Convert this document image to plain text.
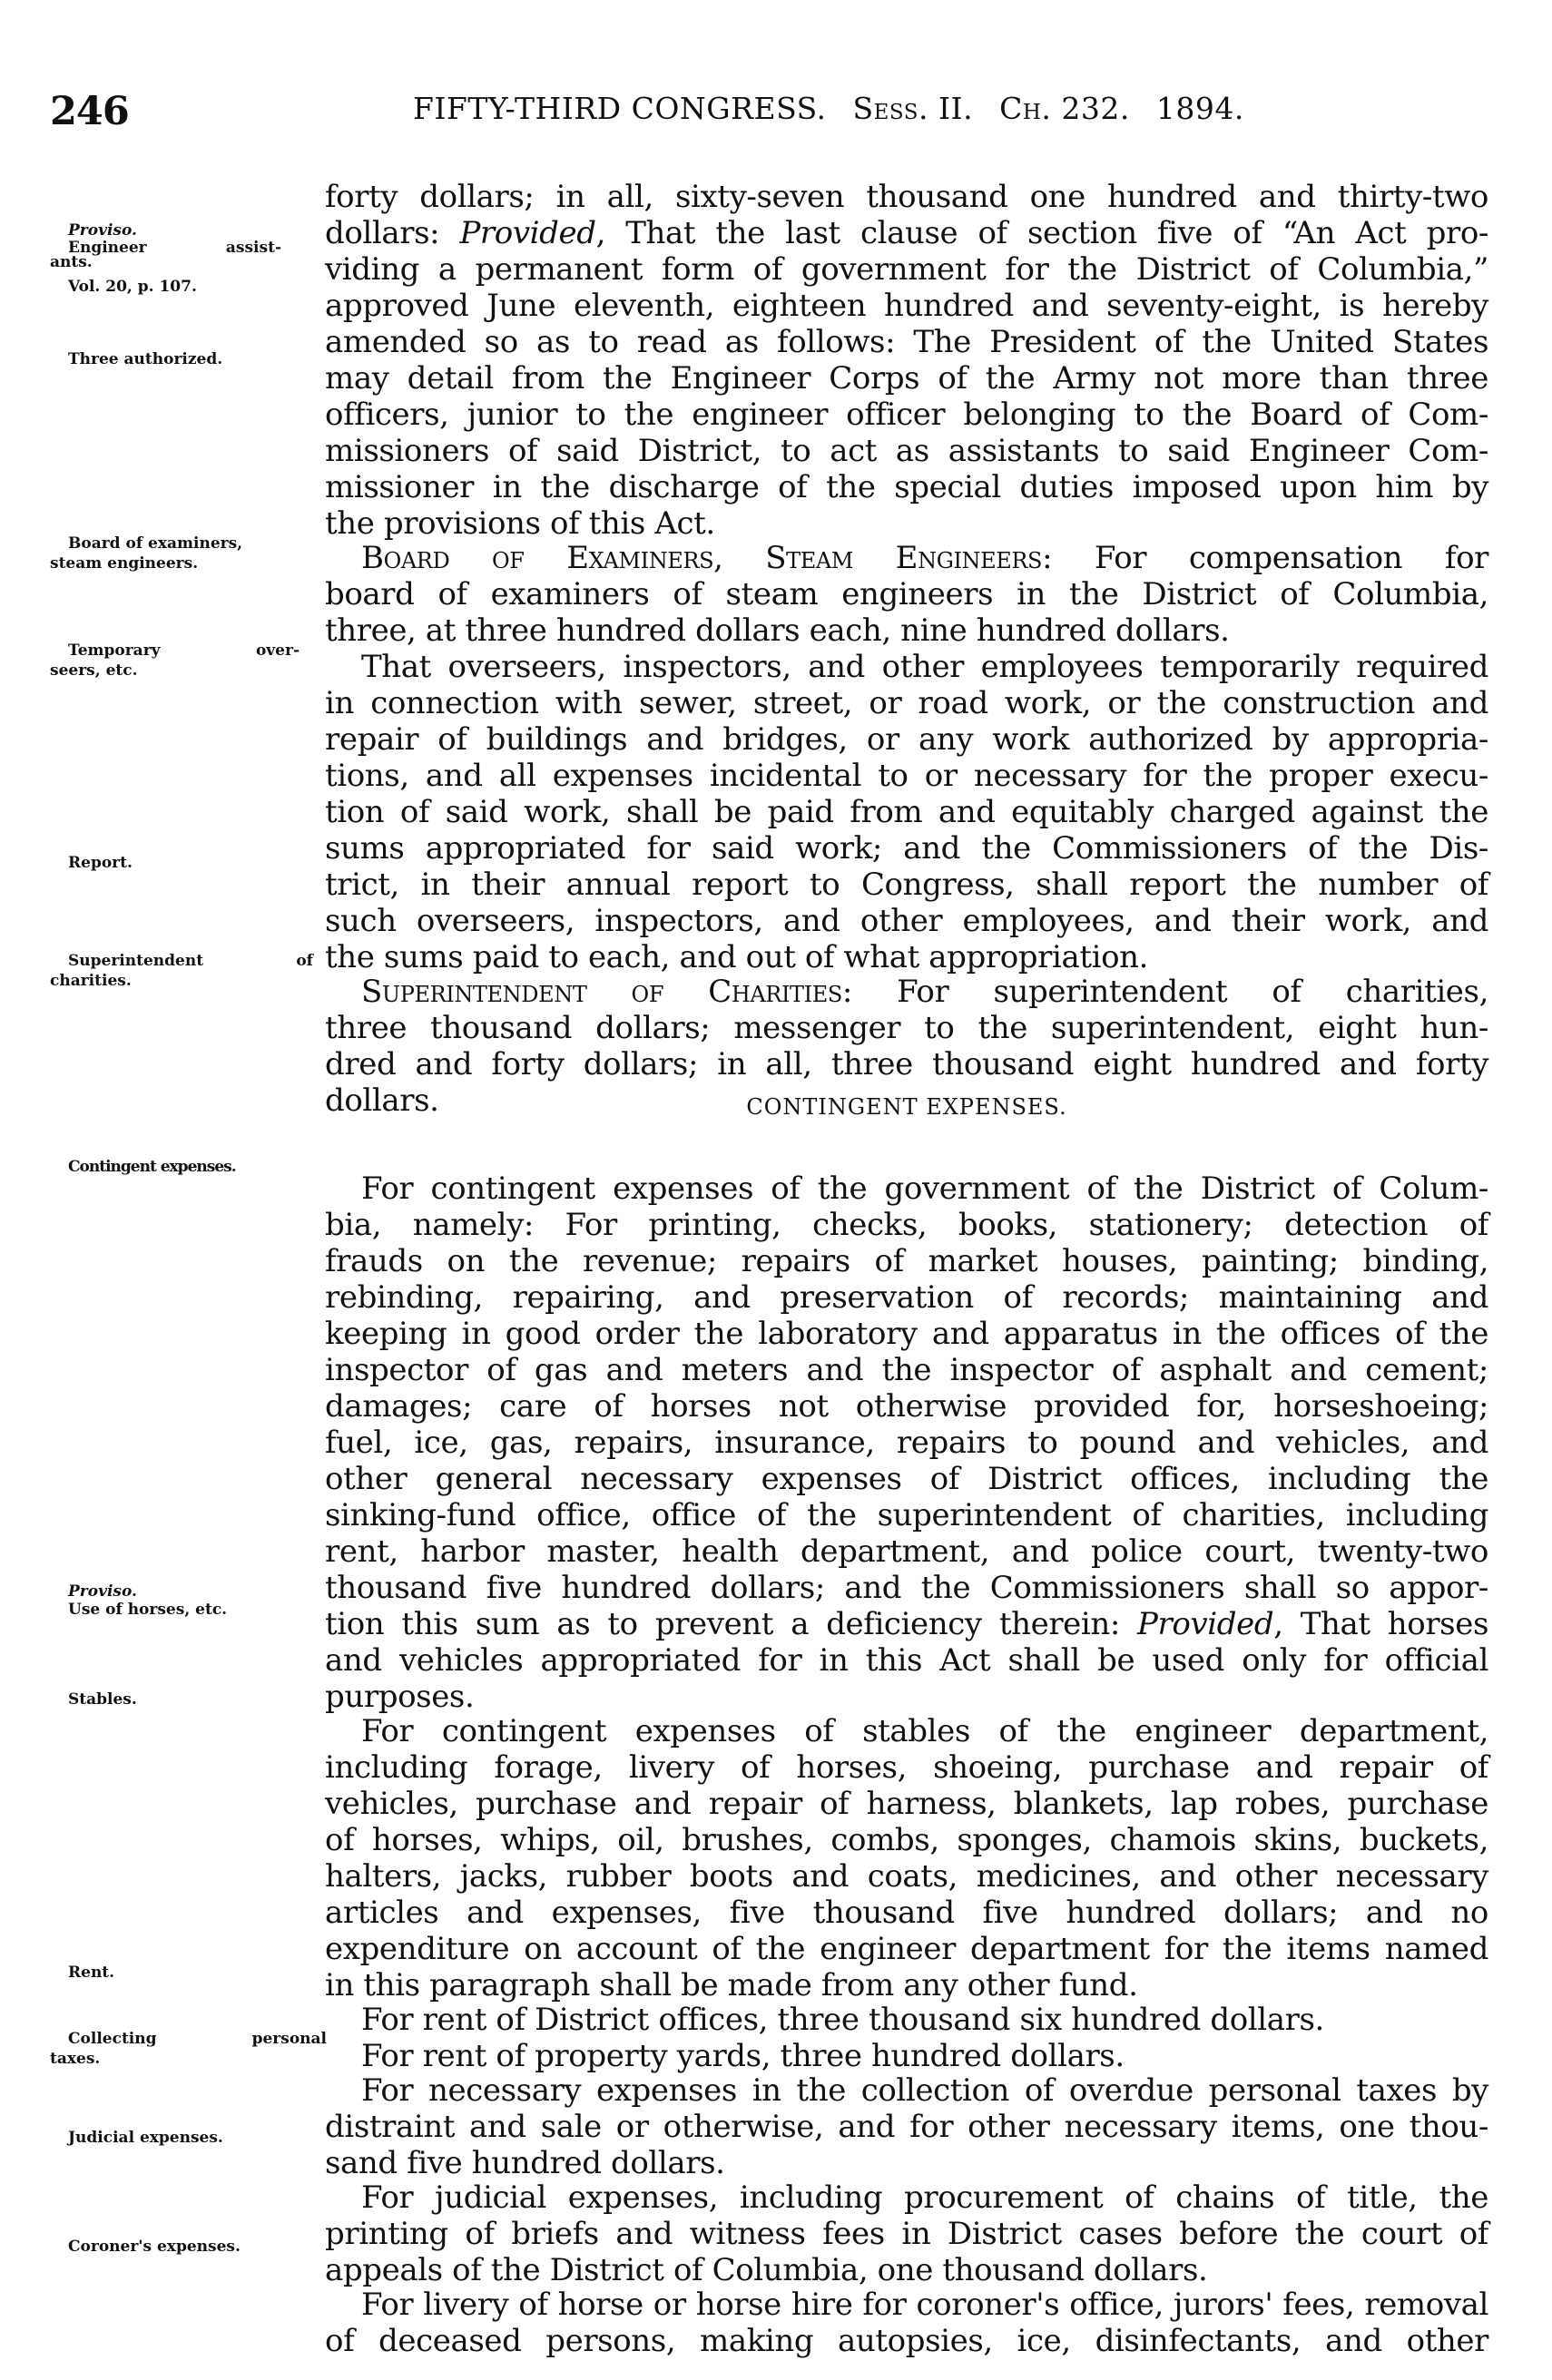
246	FIFTY-THIRD CONGRESS. Sess. II. Ch. 232. 1894.
Proviso.
Engineer assist-
ants.
Vol. 20, p. 107.
Three authorized.
Board of examiners,
steam engineers.
Temporary over-
seers, etc.
Report.
Superintendent of
charities.
Contingent expenses.
Proviso.
Use of horses, etc.
Stables.
Rent.
Collecting personal
taxes.
Judicial expenses.
Coroner's expenses.
CONTINGENT EXPENSES.
forty dollars; in all, sixty-seven thousand one hundred and thirty-two
dollars: Provided, That the last clause of section five of “An Act pro-
viding a permanent form of government for the District of Columbia,”
approved June eleventh, eighteen hundred and seventy-eight, is hereby
amended so as to read as follows: The President of the United States
may detail from the Engineer Corps of the Army not more than three
officers, junior to the engineer officer belonging to the Board of Com-
missioners of said District, to act as assistants to said Engineer Com-
missioner in the discharge of the special duties imposed upon him by
the provisions of this Act.
Board of Examiners, Steam Engineers: For compensation for
board of examiners of steam engineers in the District of Columbia,
three, at three hundred dollars each, nine hundred dollars.
That overseers, inspectors, and other employees temporarily required
in connection with sewer, street, or road work, or the construction and
repair of buildings and bridges, or any work authorized by appropria-
tions, and all expenses incidental to or necessary for the proper execu-
tion of said work, shall be paid from and equitably charged against the
sums appropriated for said work; and the Commissioners of the Dis-
trict, in their annual report to Congress, shall report the number of
such overseers, inspectors, and other employees, and their work, and
the sums paid to each, and out of what appropriation.
Superintendent of Charities: For superintendent of charities,
three thousand dollars; messenger to the superintendent, eight hun-
dred and forty dollars; in all, three thousand eight hundred and forty
dollars.
For contingent expenses of the government of the District of Colum-
bia, namely: For printing, checks, books, stationery; detection of
frauds on the revenue; repairs of market houses, painting; binding,
rebinding, repairing, and preservation of records; maintaining and
keeping in good order the laboratory and apparatus in the offices of the
inspector of gas and meters and the inspector of asphalt and cement;
damages; care of horses not otherwise provided for, horseshoeing;
fuel, ice, gas, repairs, insurance, repairs to pound and vehicles, and
other general necessary expenses of District offices, including the
sinking-fund office, office of the superintendent of charities, including
rent, harbor master, health department, and police court, twenty-two
thousand five hundred dollars; and the Commissioners shall so appor-
tion this sum as to prevent a deficiency therein: Provided, That horses
and vehicles appropriated for in this Act shall be used only for official
purposes.
For contingent expenses of stables of the engineer department,
including forage, livery of horses, shoeing, purchase and repair of
vehicles, purchase and repair of harness, blankets, lap robes, purchase
of horses, whips, oil, brushes, combs, sponges, chamois skins, buckets,
halters, jacks, rubber boots and coats, medicines, and other necessary
articles and expenses, five thousand five hundred dollars; and no
expenditure on account of the engineer department for the items named
in this paragraph shall be made from any other fund.
For rent of District offices, three thousand six hundred dollars.
For rent of property yards, three hundred dollars.
For necessary expenses in the collection of overdue personal taxes by
distraint and sale or otherwise, and for other necessary items, one thou-
sand five hundred dollars.
For judicial expenses, including procurement of chains of title, the
printing of briefs and witness fees in District cases before the court of
appeals of the District of Columbia, one thousand dollars.
For livery of horse or horse hire for coroner's office, jurors' fees, removal
of deceased persons, making autopsies, ice, disinfectants, and other
